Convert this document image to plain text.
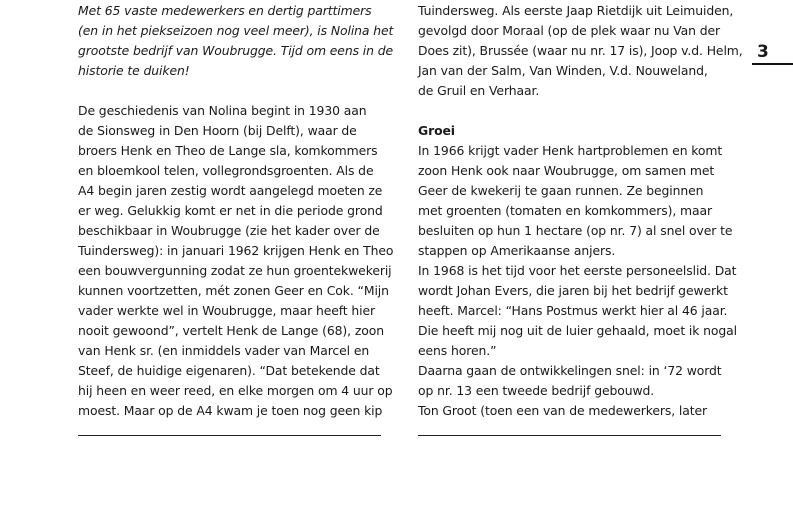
Met 65 vaste medewerkers en dertig parttimers
(en in het piekseizoen nog veel meer), is Nolina het
grootste bedrijf van Woubrugge. Tijd om eens in de
historie te duiken!
De geschiedenis van Nolina begint in 1930 aan
de Sionsweg in Den Hoorn (bij Delft), waar de
broers Henk en Theo de Lange sla, komkommers
en bloemkool telen, vollegrondsgroenten. Als de
A4 begin jaren zestig wordt aangelegd moeten ze
er weg. Gelukkig komt er net in die periode grond
beschikbaar in Woubrugge (zie het kader over de
Tuindersweg): in januari 1962 krijgen Henk en Theo
een bouwvergunning zodat ze hun groentekwekerij
kunnen voortzetten, mét zonen Geer en Cok. “Mijn
vader werkte wel in Woubrugge, maar heeft hier
nooit gewoond”, vertelt Henk de Lange (68), zoon
van Henk sr. (en inmiddels vader van Marcel en
Steef, de huidige eigenaren). “Dat betekende dat
hij heen en weer reed, en elke morgen om 4 uur op
moest. Maar op de A4 kwam je toen nog geen kip
Tuindersweg. Als eerste Jaap Rietdijk uit Leimuiden,
gevolgd door Moraal (op de plek waar nu Van der
Does zit), Brussée (waar nu nr. 17 is), Joop v.d. Helm,
Jan van der Salm, Van Winden, V.d. Nouweland,
de Gruil en Verhaar.
Groei
In 1966 krijgt vader Henk hartproblemen en komt
zoon Henk ook naar Woubrugge, om samen met
Geer de kwekerij te gaan runnen. Ze beginnen
met groenten (tomaten en komkommers), maar
besluiten op hun 1 hectare (op nr. 7) al snel over te
stappen op Amerikaanse anjers.
In 1968 is het tijd voor het eerste personeelslid. Dat
wordt Johan Evers, die jaren bij het bedrijf gewerkt
heeft. Marcel: “Hans Postmus werkt hier al 46 jaar.
Die heeft mij nog uit de luier gehaald, moet ik nogal
eens horen.”
Daarna gaan de ontwikkelingen snel: in ‘72 wordt
op nr. 13 een tweede bedrijf gebouwd.
Ton Groot (toen een van de medewerkers, later
3
